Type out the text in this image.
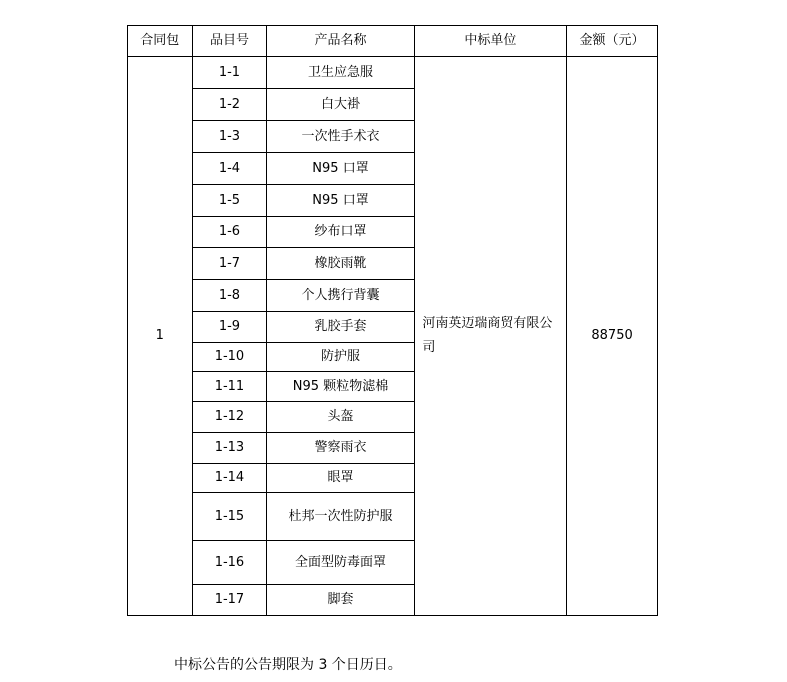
合同包	品目号	产品名称	中标单位	金额（元）
1	1-1	卫生应急服	河南英迈瑞商贸有限公司	88750
	1-2	白大褂		
	1-3	一次性手术衣		
	1-4	N95 口罩		
	1-5	N95 口罩		
	1-6	纱布口罩		
	1-7	橡胶雨靴		
	1-8	个人携行背囊		
	1-9	乳胶手套		
	1-10	防护服		
	1-11	N95 颗粒物滤棉		
	1-12	头盔		
	1-13	警察雨衣		
	1-14	眼罩		
	1-15	杜邦一次性防护服		
	1-16	全面型防毒面罩		
	1-17	脚套		
中标公告的公告期限为 3 个日历日。
